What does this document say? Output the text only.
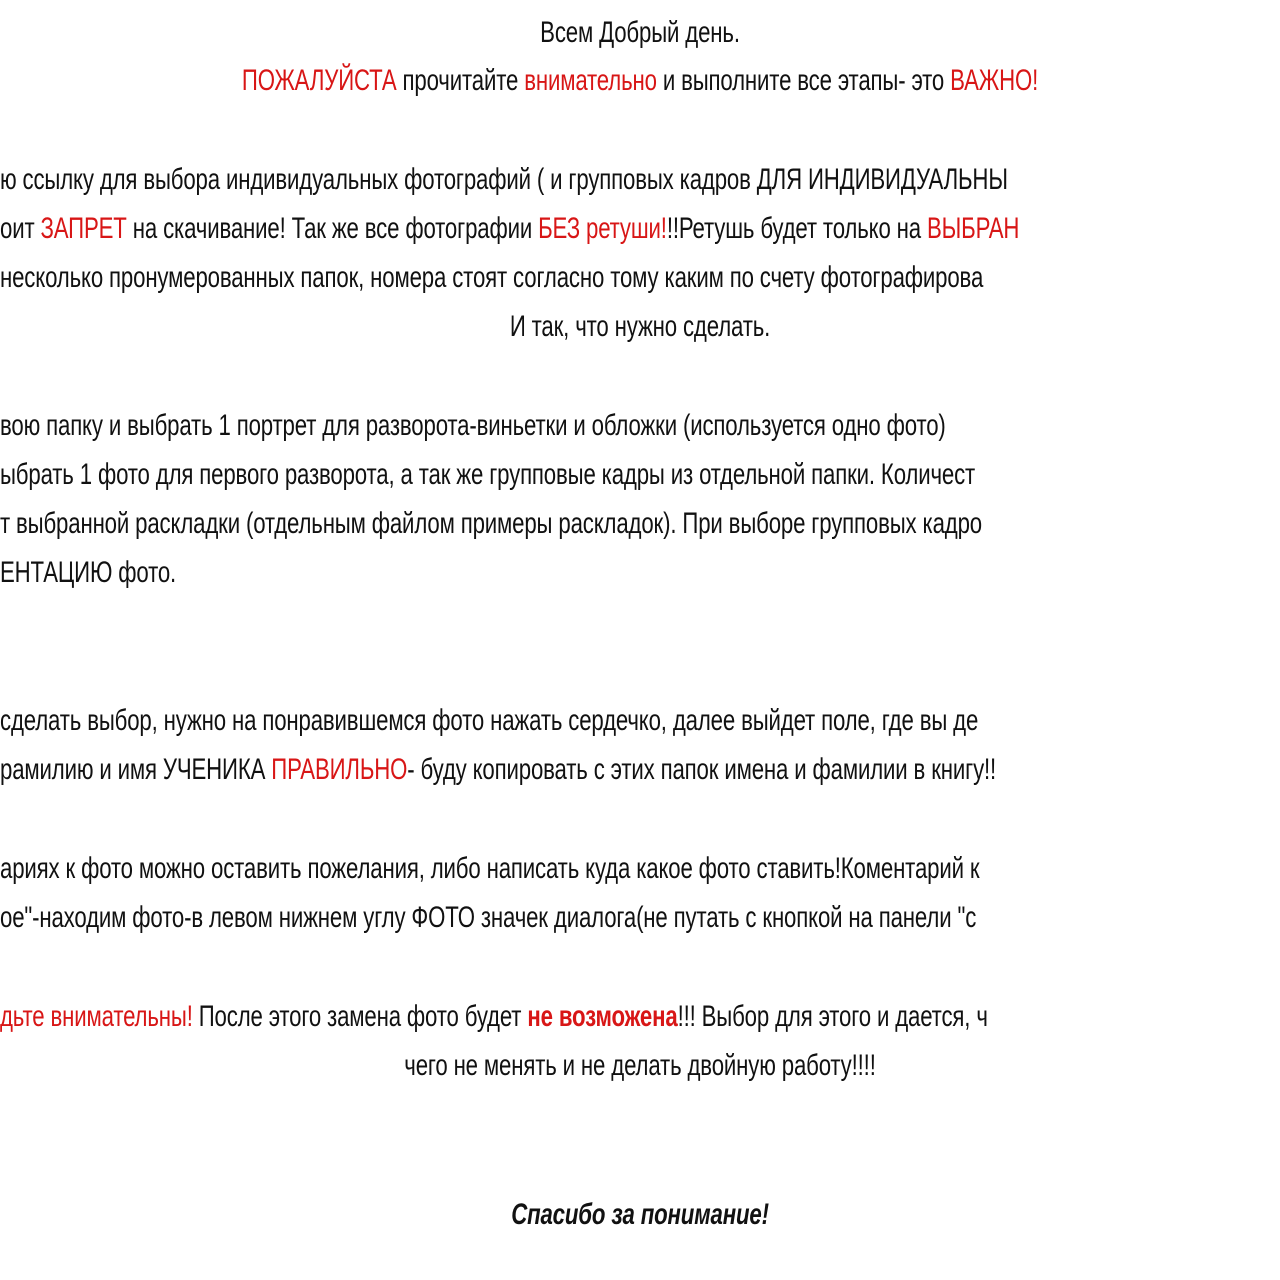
Всем Добрый день.
ПОЖАЛУЙСТА прочитайте внимательно и выполните все этапы- это ВАЖНО!
ю ссылку для выбора индивидуальных фотографий ( и групповых кадров ДЛЯ ИНДИВИДУАЛЬНЫ
оит ЗАПРЕТ на скачивание! Так же все фотографии БЕЗ ретуши!!!Ретушь будет только на ВЫБРАН
несколько пронумерованных папок, номера стоят согласно тому каким по счету фотографирова
И так, что нужно сделать.
вою папку и выбрать 1 портрет для разворота-виньетки и обложки (используется одно фото)
ыбрать 1 фото для первого разворота, а так же групповые кадры из отдельной папки. Количест
т выбранной раскладки (отдельным файлом примеры раскладок). При выборе групповых кадро
ЕНТАЦИЮ фото.
сделать выбор, нужно на понравившемся фото нажать сердечко, далее выйдет поле, где вы де
рамилию и имя УЧЕНИКА ПРАВИЛЬНО- буду копировать с этих папок имена и фамилии в книгу!!
ариях к фото можно оставить пожелания, либо написать куда какое фото ставить!Коментарий к
ое"-находим фото-в левом нижнем углу ФОТО значек диалога(не путать с кнопкой на панели "с
дьте внимательны! После этого замена фото будет не возможена!!! Выбор для этого и дается, ч
чего не менять и не делать двойную работу!!!!
Спасибо за понимание!
